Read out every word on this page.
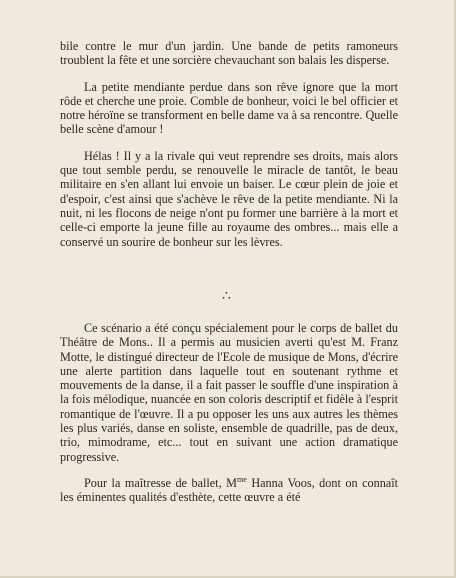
bile contre le mur d'un jardin. Une bande de petits ramoneurs troublent la fête et une sorcière chevauchant son balais les disperse.

La petite mendiante perdue dans son rêve ignore que la mort rôde et cherche une proie. Comble de bonheur, voici le bel officier et notre héroïne se transforment en belle dame va à sa rencontre. Quelle belle scène d'amour !

Hélas ! Il y a la rivale qui veut reprendre ses droits, mais alors que tout semble perdu, se renouvelle le miracle de tantôt, le beau militaire en s'en allant lui envoie un baiser. Le cœur plein de joie et d'espoir, c'est ainsi que s'achève le rêve de la petite mendiante. Ni la nuit, ni les flocons de neige n'ont pu former une barrière à la mort et celle-ci emporte la jeune fille au royaume des ombres... mais elle a conservé un sourire de bonheur sur les lèvres.

∴

Ce scénario a été conçu spécialement pour le corps de ballet du Théâtre de Mons.. Il a permis au musicien averti qu'est M. Franz Motte, le distingué directeur de l'Ecole de musique de Mons, d'écrire une alerte partition dans laquelle tout en soutenant rythme et mouvements de la danse, il a fait passer le souffle d'une inspiration à la fois mélodique, nuancée en son coloris descriptif et fidèle à l'esprit romantique de l'œuvre. Il a pu opposer les uns aux autres les thèmes les plus variés, danse en soliste, ensemble de quadrille, pas de deux, trio, mimodrame, etc... tout en suivant une action dramatique progressive.

Pour la maîtresse de ballet, $M^{me}$ Hanna Voos, dont on connaît les éminentes qualités d'esthète, cette œuvre a été
